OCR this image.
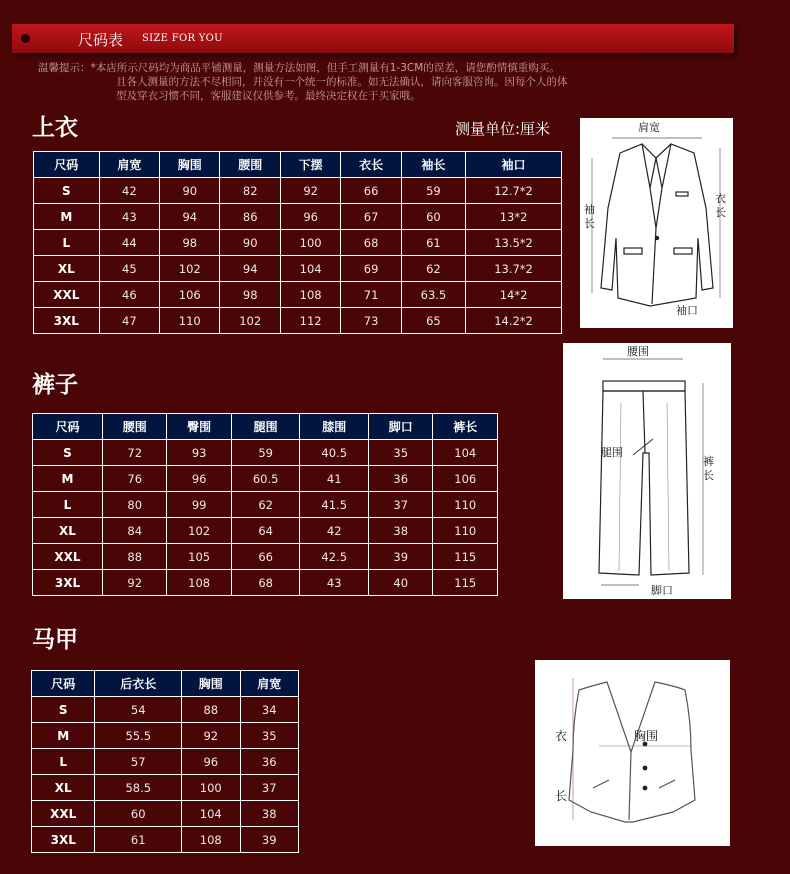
尺码表 SIZE FOR YOU
温馨提示：*本店所示尺码均为商品平铺测量，测量方法如图，但手工测量有1-3CM的误差，请您酌情慎重购买。
且各人测量的方法不尽相同，并没有一个统一的标准。如无法确认，请向客服咨询。因每个人的体
型及穿衣习惯不同，客服建议仅供参考。最终决定权在于买家哦。
上衣	测量单位:厘米
尺码	肩宽	胸围	腰围	下摆	衣长	袖长	袖口
S	42	90	82	92	66	59	12.7*2
M	43	94	86	96	67	60	13*2
L	44	98	90	100	68	61	13.5*2
XL	45	102	94	104	69	62	13.7*2
XXL	46	106	98	108	71	63.5	14*2
3XL	47	110	102	112	73	65	14.2*2
肩宽
袖
长
衣
长
袖口
裤子
尺码	腰围	臀围	腿围	膝围	脚口	裤长
S	72	93	59	40.5	35	104
M	76	96	60.5	41	36	106
L	80	99	62	41.5	37	110
XL	84	102	64	42	38	110
XXL	88	105	66	42.5	39	115
3XL	92	108	68	43	40	115
腰围
腿围
裤
长
脚口
马甲
尺码	后衣长	胸围	肩宽
S	54	88	34
M	55.5	92	35
L	57	96	36
XL	58.5	100	37
XXL	60	104	38
3XL	61	108	39
胸围
衣
长
